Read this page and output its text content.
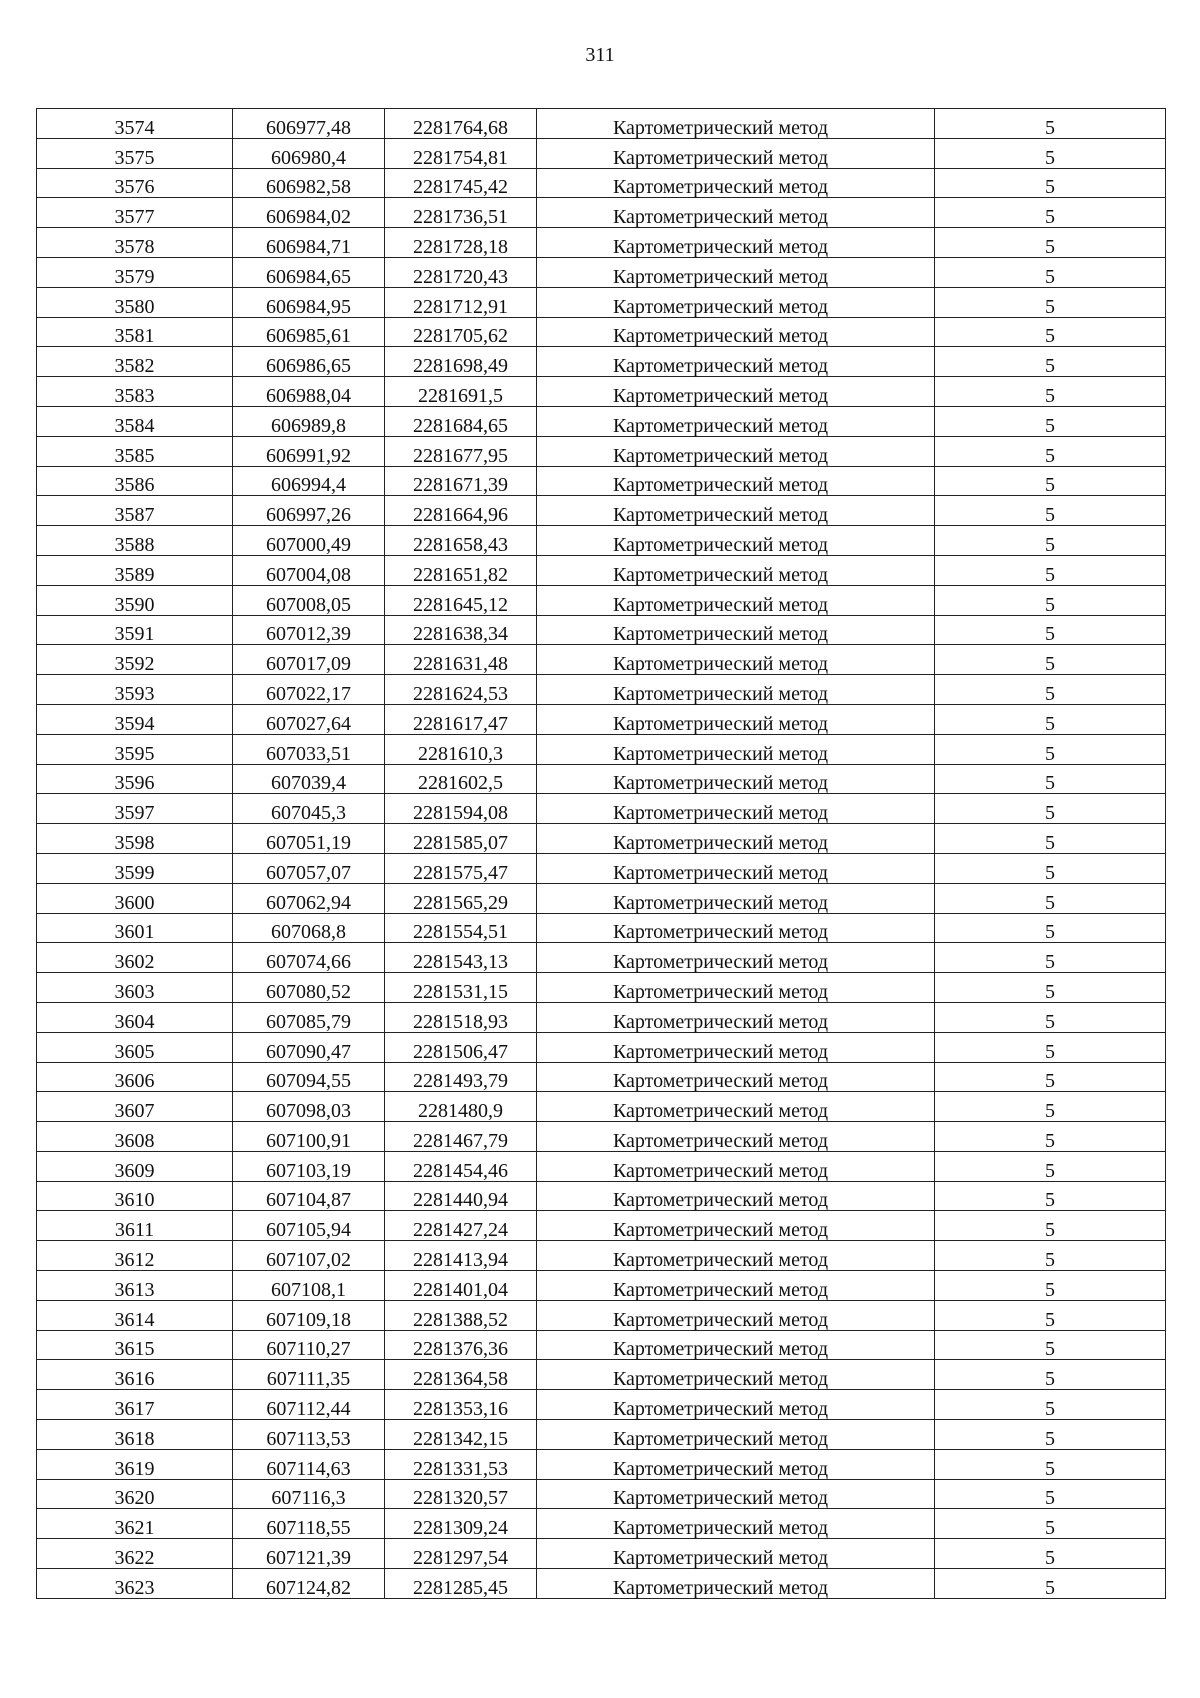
311
3574	606977,48	2281764,68	Картометрический метод	5
3575	606980,4	2281754,81	Картометрический метод	5
3576	606982,58	2281745,42	Картометрический метод	5
3577	606984,02	2281736,51	Картометрический метод	5
3578	606984,71	2281728,18	Картометрический метод	5
3579	606984,65	2281720,43	Картометрический метод	5
3580	606984,95	2281712,91	Картометрический метод	5
3581	606985,61	2281705,62	Картометрический метод	5
3582	606986,65	2281698,49	Картометрический метод	5
3583	606988,04	2281691,5	Картометрический метод	5
3584	606989,8	2281684,65	Картометрический метод	5
3585	606991,92	2281677,95	Картометрический метод	5
3586	606994,4	2281671,39	Картометрический метод	5
3587	606997,26	2281664,96	Картометрический метод	5
3588	607000,49	2281658,43	Картометрический метод	5
3589	607004,08	2281651,82	Картометрический метод	5
3590	607008,05	2281645,12	Картометрический метод	5
3591	607012,39	2281638,34	Картометрический метод	5
3592	607017,09	2281631,48	Картометрический метод	5
3593	607022,17	2281624,53	Картометрический метод	5
3594	607027,64	2281617,47	Картометрический метод	5
3595	607033,51	2281610,3	Картометрический метод	5
3596	607039,4	2281602,5	Картометрический метод	5
3597	607045,3	2281594,08	Картометрический метод	5
3598	607051,19	2281585,07	Картометрический метод	5
3599	607057,07	2281575,47	Картометрический метод	5
3600	607062,94	2281565,29	Картометрический метод	5
3601	607068,8	2281554,51	Картометрический метод	5
3602	607074,66	2281543,13	Картометрический метод	5
3603	607080,52	2281531,15	Картометрический метод	5
3604	607085,79	2281518,93	Картометрический метод	5
3605	607090,47	2281506,47	Картометрический метод	5
3606	607094,55	2281493,79	Картометрический метод	5
3607	607098,03	2281480,9	Картометрический метод	5
3608	607100,91	2281467,79	Картометрический метод	5
3609	607103,19	2281454,46	Картометрический метод	5
3610	607104,87	2281440,94	Картометрический метод	5
3611	607105,94	2281427,24	Картометрический метод	5
3612	607107,02	2281413,94	Картометрический метод	5
3613	607108,1	2281401,04	Картометрический метод	5
3614	607109,18	2281388,52	Картометрический метод	5
3615	607110,27	2281376,36	Картометрический метод	5
3616	607111,35	2281364,58	Картометрический метод	5
3617	607112,44	2281353,16	Картометрический метод	5
3618	607113,53	2281342,15	Картометрический метод	5
3619	607114,63	2281331,53	Картометрический метод	5
3620	607116,3	2281320,57	Картометрический метод	5
3621	607118,55	2281309,24	Картометрический метод	5
3622	607121,39	2281297,54	Картометрический метод	5
3623	607124,82	2281285,45	Картометрический метод	5
